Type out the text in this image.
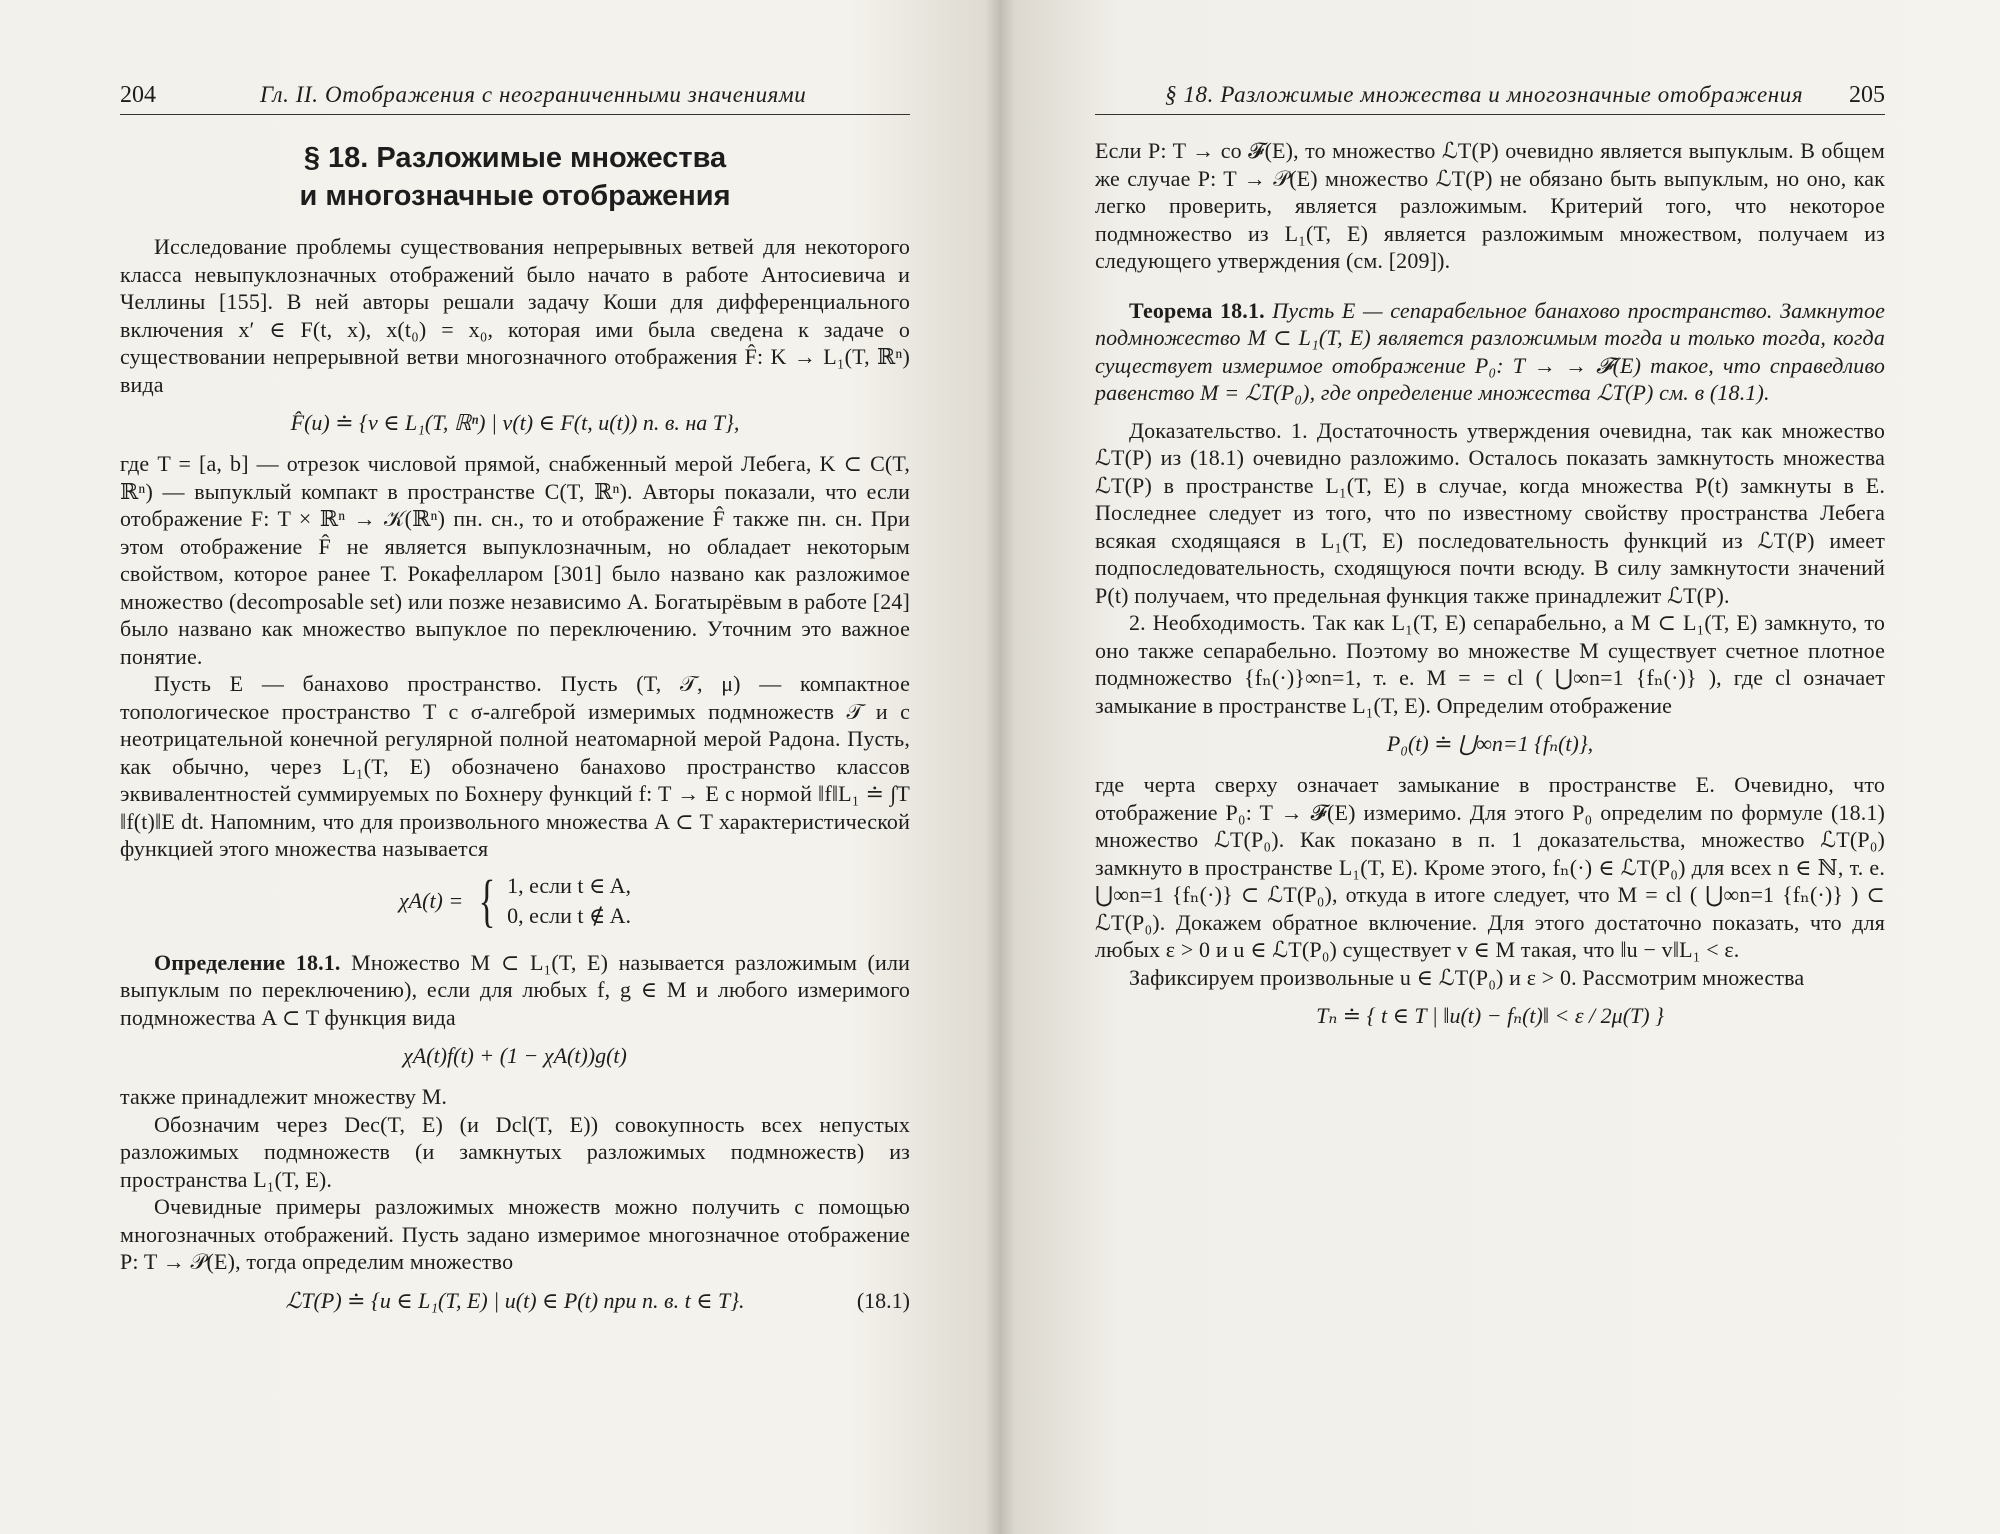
204	Гл. II. Отображения с неограниченными значениями
§ 18. Разложимые множества
и многозначные отображения

Исследование проблемы существования непрерывных ветвей для некоторого класса невыпуклозначных отображений было начато в работе Антосиевича и Челлины [155]. В ней авторы решали задачу Коши для дифференциального включения x′ ∈ F(t, x), x(t₀) = x₀, которая ими была сведена к задаче о существовании непрерывной ветви многозначного отображения F̂: K → L₁(T, ℝⁿ) вида

F̂(u) ≐ {v ∈ L₁(T, ℝⁿ) | v(t) ∈ F(t, u(t)) п. в. на T},

где T = [a, b] — отрезок числовой прямой, снабженный мерой Лебега, K ⊂ C(T, ℝⁿ) — выпуклый компакт в пространстве C(T, ℝⁿ). Авторы показали, что если отображение F: T × ℝⁿ → 𝒦(ℝⁿ) пн. сн., то и отображение F̂ также пн. сн. При этом отображение F̂ не является выпуклозначным, но обладает некоторым свойством, которое ранее Т. Рокафелларом [301] было названо как разложимое множество (decomposable set) или позже независимо А. Богатырёвым в работе [24] было названо как множество выпуклое по переключению. Уточним это важное понятие.

Пусть E — банахово пространство. Пусть (T, 𝒯, μ) — компактное топологическое пространство T с σ-алгеброй измеримых подмножеств 𝒯 и с неотрицательной конечной регулярной полной неатомарной мерой Радона. Пусть, как обычно, через L₁(T, E) обозначено банахово пространство классов эквивалентностей суммируемых по Бохнеру функций f: T → E с нормой ‖f‖L₁ ≐ ∫T ‖f(t)‖E dt. Напомним, что для произвольного множества A ⊂ T характеристической функцией этого множества называется

χA(t) = { 1, если t ∈ A,
0, если t ∉ A.

Определение 18.1. Множество M ⊂ L₁(T, E) называется разложимым (или выпуклым по переключению), если для любых f, g ∈ M и любого измеримого подмножества A ⊂ T функция вида

χA(t)f(t) + (1 − χA(t))g(t)

также принадлежит множеству M.

Обозначим через Dec(T, E) (и Dcl(T, E)) совокупность всех непустых разложимых подмножеств (и замкнутых разложимых подмножеств) из пространства L₁(T, E).

Очевидные примеры разложимых множеств можно получить с помощью многозначных отображений. Пусть задано измеримое многозначное отображение P: T → 𝒫(E), тогда определим множество

ℒT(P) ≐ {u ∈ L₁(T, E) | u(t) ∈ P(t) при п. в. t ∈ T}.	(18.1)
§ 18. Разложимые множества и многозначные отображения 205

Если P: T → co 𝓕(E), то множество ℒT(P) очевидно является выпуклым. В общем же случае P: T → 𝒫(E) множество ℒT(P) не обязано быть выпуклым, но оно, как легко проверить, является разложимым. Критерий того, что некоторое подмножество из L₁(T, E) является разложимым множеством, получаем из следующего утверждения (см. [209]).

Теорема 18.1. Пусть E — сепарабельное банахово пространство. Замкнутое подмножество M ⊂ L₁(T, E) является разложимым тогда и только тогда, когда существует измеримое отображение P₀: T → → 𝓕(E) такое, что справедливо равенство M = ℒT(P₀), где определение множества ℒT(P) см. в (18.1).

Доказательство. 1. Достаточность утверждения очевидна, так как множество ℒT(P) из (18.1) очевидно разложимо. Осталось показать замкнутость множества ℒT(P) в пространстве L₁(T, E) в случае, когда множества P(t) замкнуты в E. Последнее следует из того, что по известному свойству пространства Лебега всякая сходящаяся в L₁(T, E) последовательность функций из ℒT(P) имеет подпоследовательность, сходящуюся почти всюду. В силу замкнутости значений P(t) получаем, что предельная функция также принадлежит ℒT(P).

2. Необходимость. Так как L₁(T, E) сепарабельно, а M ⊂ L₁(T, E) замкнуто, то оно также сепарабельно. Поэтому во множестве M существует счетное плотное подмножество {fₙ(·)}∞n=1, т. е. M = = cl ( ⋃∞n=1 {fₙ(·)} ), где cl означает замыкание в пространстве L₁(T, E). Определим отображение

P₀(t) ≐ ⋃∞n=1 {fₙ(t)},

где черта сверху означает замыкание в пространстве E. Очевидно, что отображение P₀: T → 𝓕(E) измеримо. Для этого P₀ определим по формуле (18.1) множество ℒT(P₀). Как показано в п. 1 доказательства, множество ℒT(P₀) замкнуто в пространстве L₁(T, E). Кроме этого, fₙ(·) ∈ ℒT(P₀) для всех n ∈ ℕ, т. е. ⋃∞n=1 {fₙ(·)} ⊂ ℒT(P₀), откуда в итоге следует, что M = cl ( ⋃∞n=1 {fₙ(·)} ) ⊂ ℒT(P₀). Докажем обратное включение. Для этого достаточно показать, что для любых ε > 0 и u ∈ ℒT(P₀) существует v ∈ M такая, что ‖u − v‖L₁ < ε.

Зафиксируем произвольные u ∈ ℒT(P₀) и ε > 0. Рассмотрим множества

Tₙ ≐ { t ∈ T | ‖u(t) − fₙ(t)‖ < ε / 2μ(T) }
